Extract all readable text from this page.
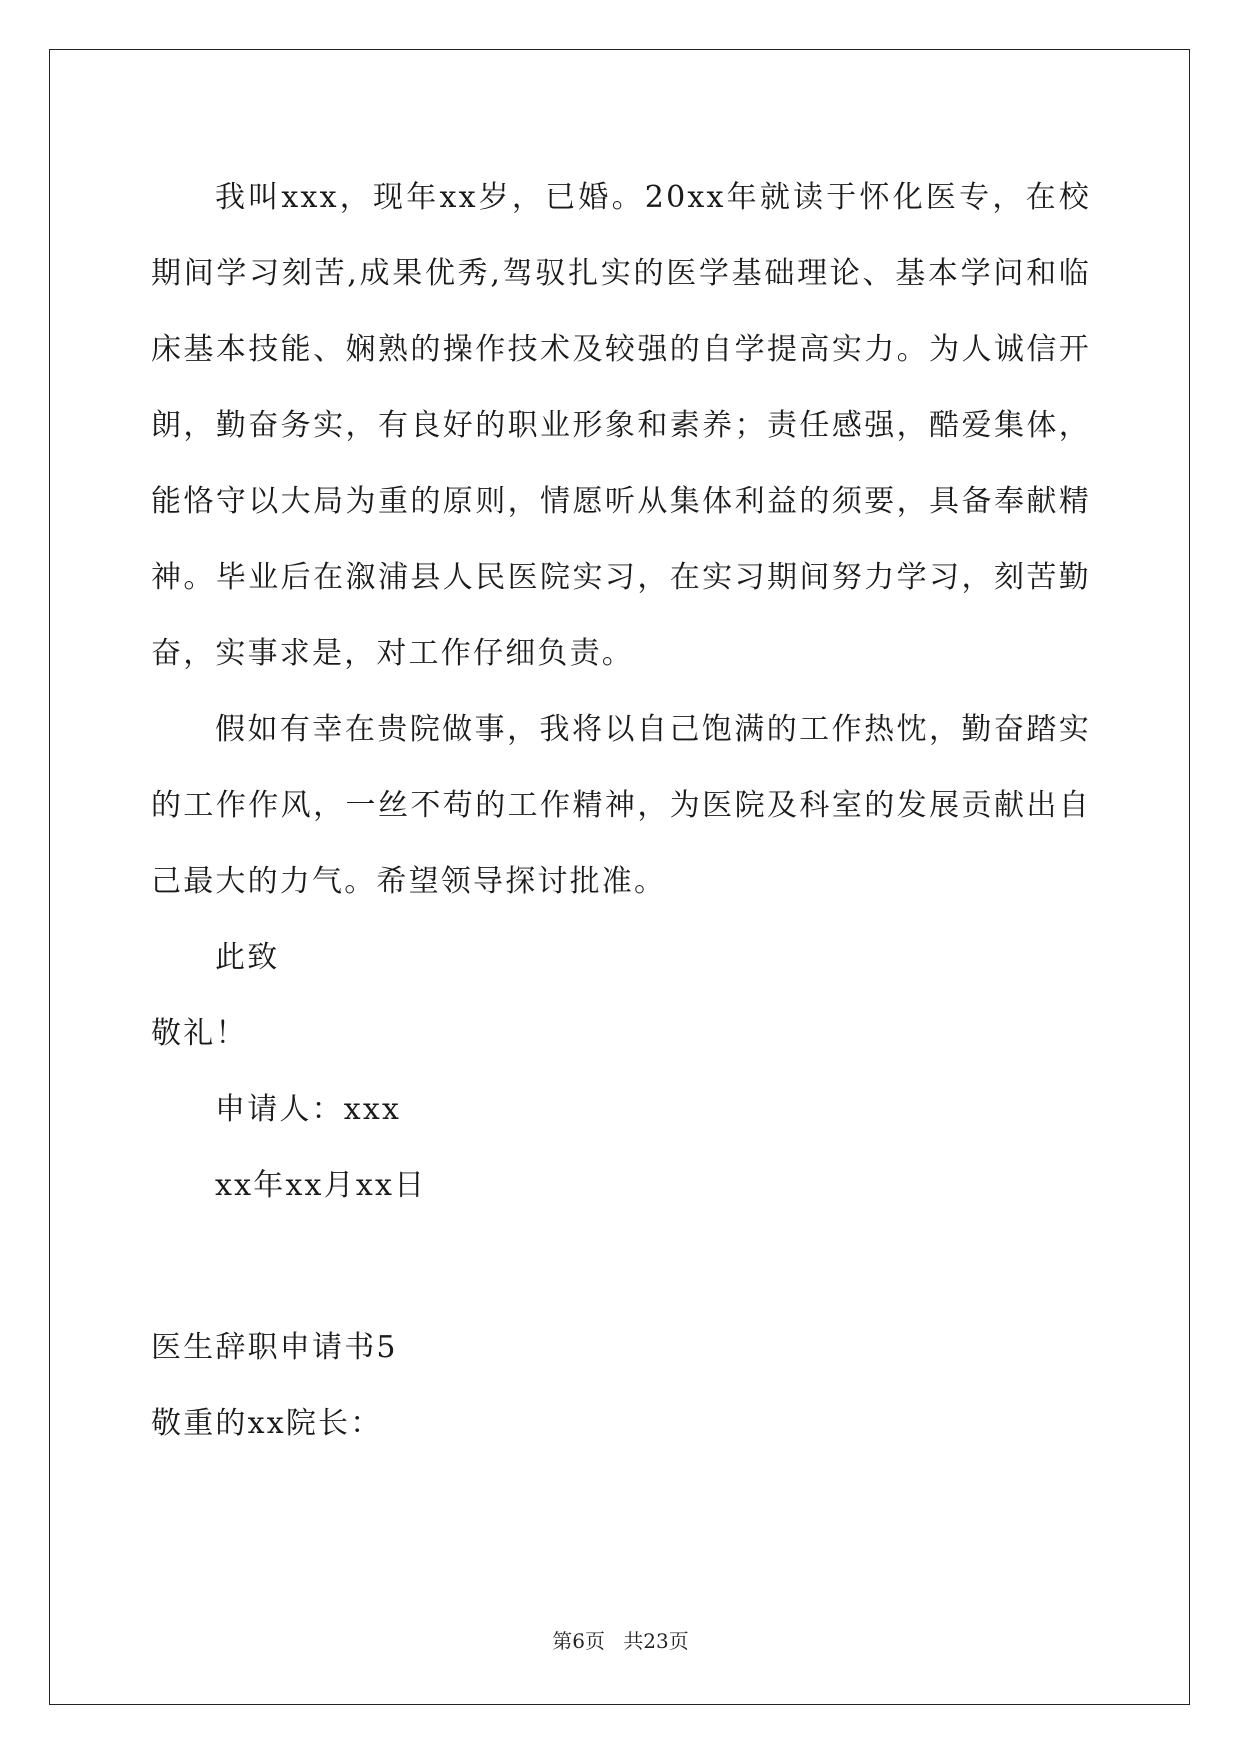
我叫xxx，现年xx岁，已婚。20xx年就读于怀化医专，在校期间学习刻苦,成果优秀,驾驭扎实的医学基础理论、基本学问和临床基本技能、娴熟的操作技术及较强的自学提高实力。为人诚信开朗，勤奋务实，有良好的职业形象和素养；责任感强，酷爱集体，能恪守以大局为重的原则，情愿听从集体利益的须要，具备奉献精神。毕业后在溆浦县人民医院实习，在实习期间努力学习，刻苦勤奋，实事求是，对工作仔细负责。

假如有幸在贵院做事，我将以自己饱满的工作热忱，勤奋踏实的工作作风，一丝不苟的工作精神，为医院及科室的发展贡献出自己最大的力气。希望领导探讨批准。

此致

敬礼！

申请人：xxx

xx年xx月xx日

医生辞职申请书5

敬重的xx院长：

第6页 共23页
